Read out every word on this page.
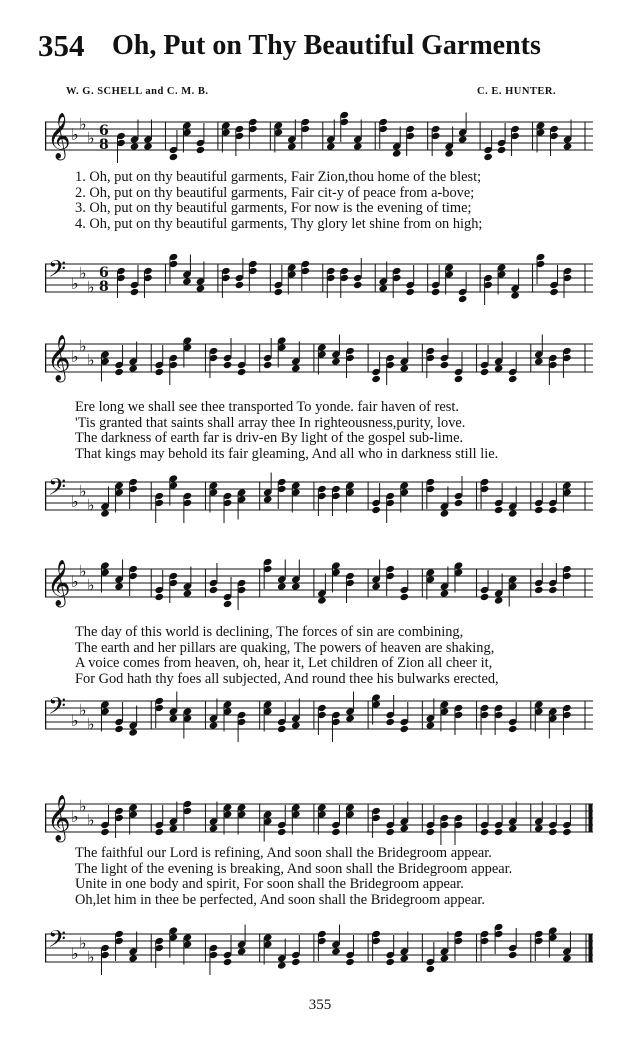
354 Oh, Put on Thy Beautiful Garments
W. G. SCHELL and C. M. B.	C. E. HUNTER.
𝄞 ♭
♭
♭ 6
8
1. Oh, put on thy beautiful garments, Fair Zion,thou home of the blest;
2. Oh, put on thy beautiful garments, Fair cit-y of peace from a-bove;
3. Oh, put on thy beautiful garments, For now is the evening of time;
4. Oh, put on thy beautiful garments, Thy glory let shine from on high;
𝄢 ♭
♭
♭
6
8
𝄞 ♭
♭
♭
Ere long we shall see thee transported To yonde. fair haven of rest.
'Tis granted that saints shall array thee In righteousness,purity, love.
The darkness of earth far is driv-en By light of the gospel sub-lime.
That kings may behold its fair gleaming, And all who in darkness still lie.
𝄢 ♭
♭
♭
𝄞 ♭
♭
♭
The day of this world is declining, The forces of sin are combining,
The earth and her pillars are quaking, The powers of heaven are shaking,
A voice comes from heaven, oh, hear it, Let children of Zion all cheer it,
For God hath thy foes all subjected, And round thee his bulwarks erected,
𝄢 ♭
♭
♭
𝄞 ♭
♭
♭
The faithful our Lord is refining, And soon shall the Bridegroom appear.
The light of the evening is breaking, And soon shall the Bridegroom appear.
Unite in one body and spirit, For soon shall the Bridegroom appear.
Oh,let him in thee be perfected, And soon shall the Bridegroom appear.
𝄢 ♭
♭
♭
355
